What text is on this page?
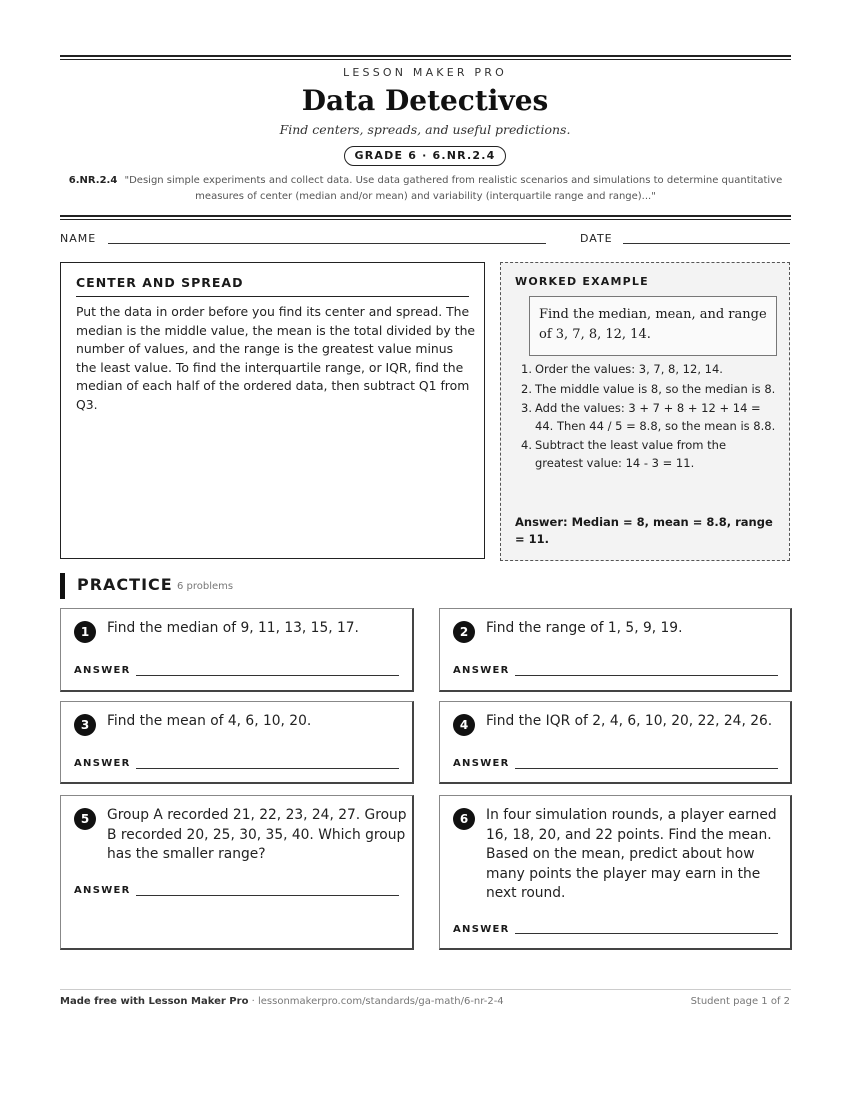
LESSON MAKER PRO
Data Detectives
Find centers, spreads, and useful predictions.
GRADE 6 · 6.NR.2.4
6.NR.2.4 "Design simple experiments and collect data. Use data gathered from realistic scenarios and simulations to determine quantitative measures of center (median and/or mean) and variability (interquartile range and range)..."
NAME	DATE
CENTER AND SPREAD
Put the data in order before you find its center and spread. The median is the middle value, the mean is the total divided by the number of values, and the range is the greatest value minus the least value. To find the interquartile range, or IQR, find the median of each half of the ordered data, then subtract Q1 from Q3.
WORKED EXAMPLE
Find the median, mean, and range of 3, 7, 8, 12, 14.
1. Order the values: 3, 7, 8, 12, 14.
2. The middle value is 8, so the median is 8.
3. Add the values: 3 + 7 + 8 + 12 + 14 = 44. Then 44 / 5 = 8.8, so the mean is 8.8.
4. Subtract the least value from the greatest value: 14 - 3 = 11.
Answer: Median = 8, mean = 8.8, range = 11.
PRACTICE 6 problems
1	Find the median of 9, 11, 13, 15, 17.
ANSWER
2	Find the range of 1, 5, 9, 19.
ANSWER
3	Find the mean of 4, 6, 10, 20.
ANSWER
4	Find the IQR of 2, 4, 6, 10, 20, 22, 24, 26.
ANSWER
5	Group A recorded 21, 22, 23, 24, 27. Group B recorded 20, 25, 30, 35, 40. Which group has the smaller range?
ANSWER
6	In four simulation rounds, a player earned 16, 18, 20, and 22 points. Find the mean. Based on the mean, predict about how many points the player may earn in the next round.
ANSWER
Made free with Lesson Maker Pro · lessonmakerpro.com/standards/ga-math/6-nr-2-4	Student page 1 of 2
